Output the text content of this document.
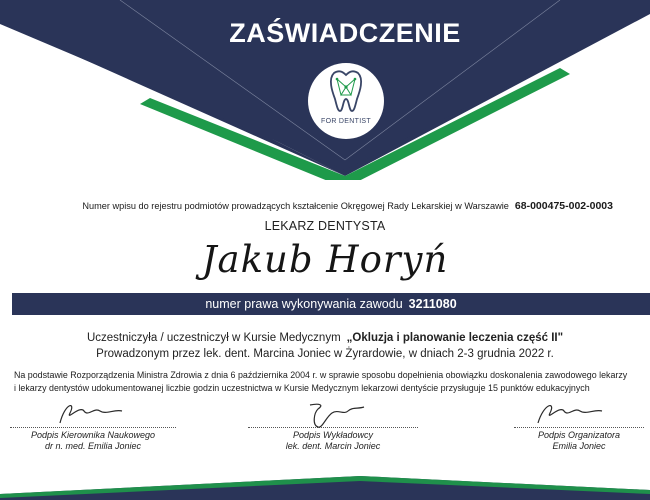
ZAŚWIADCZENIE
FOR DENTIST
Numer wpisu do rejestru podmiotów prowadzących kształcenie Okręgowej Rady Lekarskiej w Warszawie 68-000475-002-0003
LEKARZ DENTYSTA
Jakub Horyń
numer prawa wykonywania zawodu 3211080
Uczestniczyła / uczestniczył w Kursie Medycznym „Okluzja i planowanie leczenia część II"
Prowadzonym przez lek. dent. Marcina Joniec w Żyrardowie, w dniach 2-3 grudnia 2022 r.
Na podstawie Rozporządzenia Ministra Zdrowia z dnia 6 października 2004 r. w sprawie sposobu dopełnienia obowiązku doskonalenia zawodowego lekarzy
i lekarzy dentystów udokumentowanej liczbie godzin uczestnictwa w Kursie Medycznym lekarzowi dentyście przysługuje 15 punktów edukacyjnych
Podpis Kierownika Naukowego
dr n. med. Emilia Joniec
Podpis Wykładowcy
lek. dent. Marcin Joniec
Podpis Organizatora
Emilia Joniec
